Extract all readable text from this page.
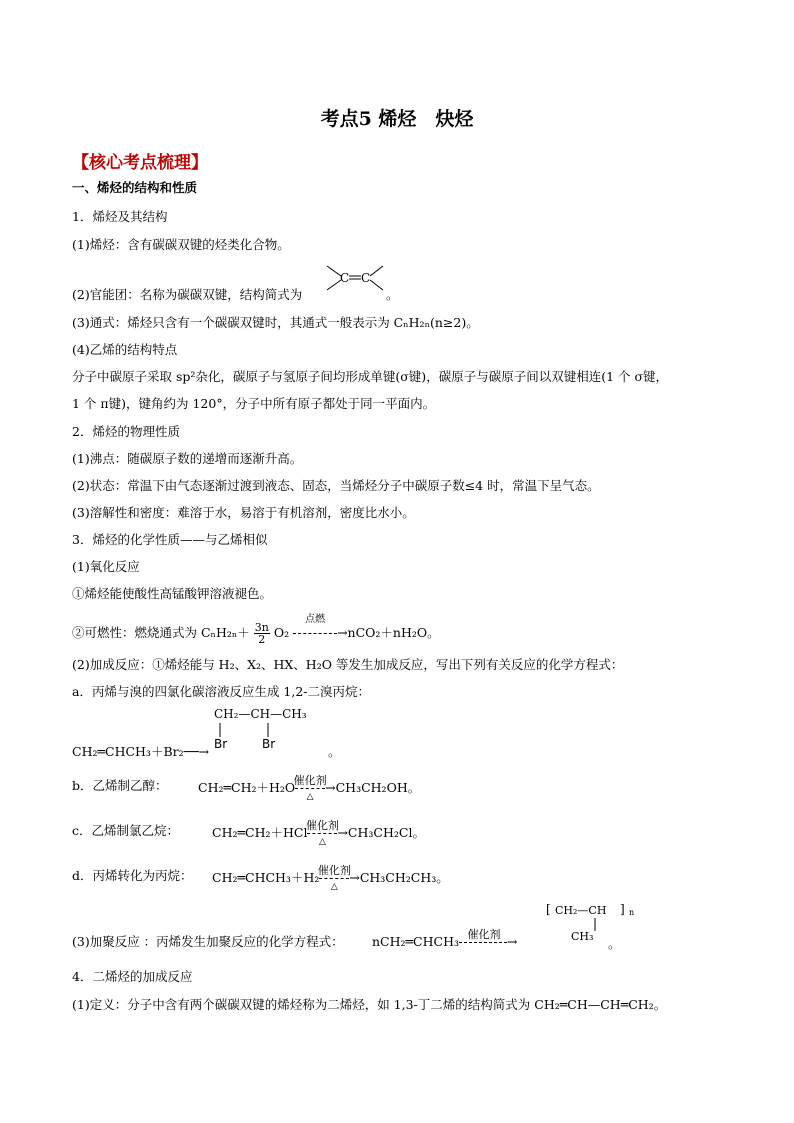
考点5 烯烃　炔烃
【核心考点梳理】
一、烯烃的结构和性质
1．烯烃及其结构
(1)烯烃：含有碳碳双键的烃类化合物。
(2)官能团：名称为碳碳双键，结构简式为
C C
。
(3)通式：烯烃只含有一个碳碳双键时，其通式一般表示为 CₙH₂ₙ(n≥2)。
(4)乙烯的结构特点
分子中碳原子采取 sp²杂化，碳原子与氢原子间均形成单键(σ键)，碳原子与碳原子间以双键相连(1 个 σ键，
1 个 π键)，键角约为 120°，分子中所有原子都处于同一平面内。
2．烯烃的物理性质
(1)沸点：随碳原子数的递增而逐渐升高。
(2)状态：常温下由气态逐渐过渡到液态、固态，当烯烃分子中碳原子数≤4 时，常温下呈气态。
(3)溶解性和密度：难溶于水，易溶于有机溶剂，密度比水小。
3．烯烃的化学性质——与乙烯相似
(1)氧化反应
①烯烃能使酸性高锰酸钾溶液褪色。
②可燃性：燃烧通式为 $C_nH_{2n}+ \frac{3n}{2} O_2$
点燃
→nCO₂＋nH₂O。
(2)加成反应：①烯烃能与 H₂、X₂、HX、H₂O 等发生加成反应，写出下列有关反应的化学方程式：
a．丙烯与溴的四氯化碳溶液反应生成 1,2-二溴丙烷：
CH₂—CH—CH₃
CH₂═CHCH₃＋Br₂──→ Br	Br	。
b．乙烯制乙醇： CH₂═CH₂＋H₂O
催化剂
△
→CH₃CH₂OH。
c．乙烯制氯乙烷：	CH₂═CH₂＋HCl
催化剂
△
→CH₃CH₂Cl。
d．丙烯转化为丙烷： CH₂═CHCH₃＋H₂
催化剂
△
→CH₃CH₂CH₃。
(3)加聚反应 ：丙烯发生加聚反应的化学方程式： nCH₂═CHCH₃ 催化剂 →
[ CH₂—CH ] n
CH₃ 。
4．二烯烃的加成反应
(1)定义：分子中含有两个碳碳双键的烯烃称为二烯烃，如 1,3-丁二烯的结构简式为 CH₂═CH—CH═CH₂。
